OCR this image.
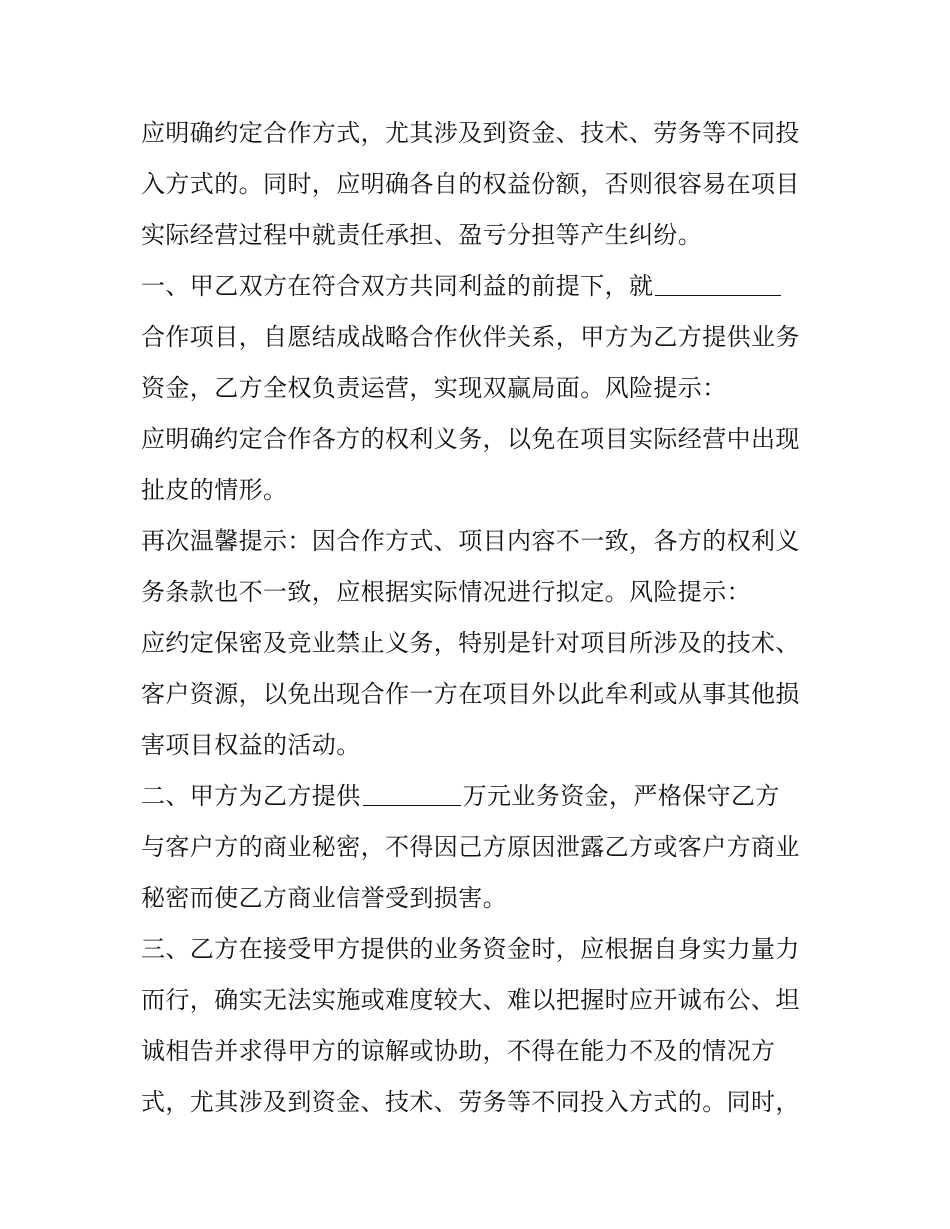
应明确约定合作方式，尤其涉及到资金、技术、劳务等不同投
入方式的。同时，应明确各自的权益份额，否则很容易在项目
实际经营过程中就责任承担、盈亏分担等产生纠纷。
一、甲乙双方在符合双方共同利益的前提下，就
合作项目，自愿结成战略合作伙伴关系，甲方为乙方提供业务
资金，乙方全权负责运营，实现双赢局面。风险提示：
应明确约定合作各方的权利义务，以免在项目实际经营中出现
扯皮的情形。
再次温馨提示：因合作方式、项目内容不一致，各方的权利义
务条款也不一致，应根据实际情况进行拟定。风险提示：
应约定保密及竞业禁止义务，特别是针对项目所涉及的技术、
客户资源，以免出现合作一方在项目外以此牟利或从事其他损
害项目权益的活动。
二、甲方为乙方提供	万元业务资金，严格保守乙方
与客户方的商业秘密，不得因己方原因泄露乙方或客户方商业
秘密而使乙方商业信誉受到损害。
三、乙方在接受甲方提供的业务资金时，应根据自身实力量力
而行，确实无法实施或难度较大、难以把握时应开诚布公、坦
诚相告并求得甲方的谅解或协助，不得在能力不及的情况方
式，尤其涉及到资金、技术、劳务等不同投入方式的。同时，
